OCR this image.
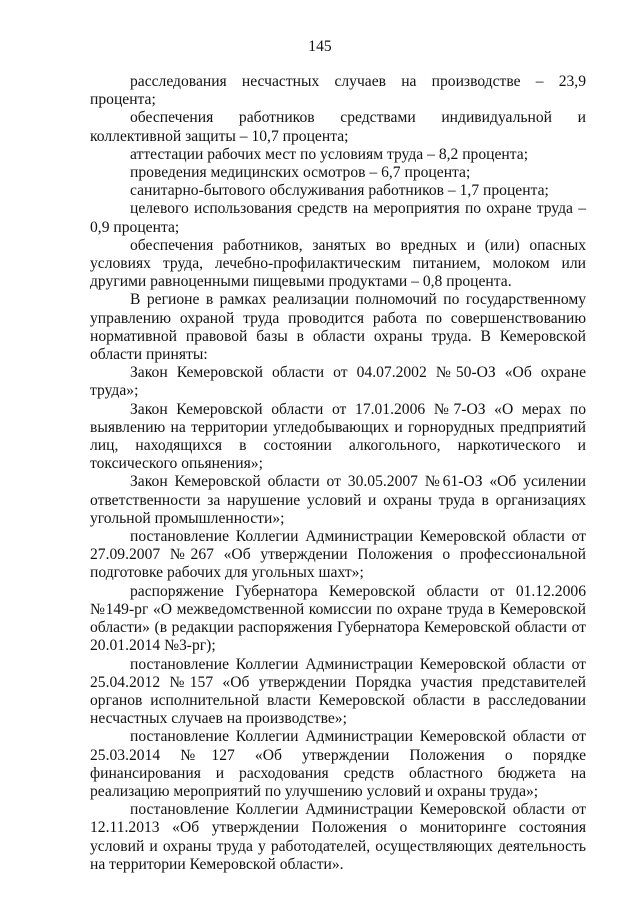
145

расследования несчастных случаев на производстве – 23,9 процента;

обеспечения работников средствами индивидуальной и коллективной защиты – 10,7 процента;

аттестации рабочих мест по условиям труда – 8,2 процента;

проведения медицинских осмотров – 6,7 процента;

санитарно-бытового обслуживания работников – 1,7 процента;

целевого использования средств на мероприятия по охране труда – 0,9 процента;

обеспечения работников, занятых во вредных и (или) опасных условиях труда, лечебно-профилактическим питанием, молоком или другими равноценными пищевыми продуктами – 0,8 процента.

В регионе в рамках реализации полномочий по государственному управлению охраной труда проводится работа по совершенствованию нормативной правовой базы в области охраны труда. В Кемеровской области приняты:

Закон Кемеровской области от 04.07.2002 №50-ОЗ «Об охране труда»;

Закон Кемеровской области от 17.01.2006 №7-ОЗ «О мерах по выявлению на территории угледобывающих и горнорудных предприятий лиц, находящихся в состоянии алкогольного, наркотического и токсического опьянения»;

Закон Кемеровской области от 30.05.2007 №61-ОЗ «Об усилении ответственности за нарушение условий и охраны труда в организациях угольной промышленности»;

постановление Коллегии Администрации Кемеровской области от 27.09.2007 №267 «Об утверждении Положения о профессиональной подготовке рабочих для угольных шахт»;

распоряжение Губернатора Кемеровской области от 01.12.2006 №149-рг «О межведомственной комиссии по охране труда в Кемеровской области» (в редакции распоряжения Губернатора Кемеровской области от 20.01.2014 №3-рг);

постановление Коллегии Администрации Кемеровской области от 25.04.2012 №157 «Об утверждении Порядка участия представителей органов исполнительной власти Кемеровской области в расследовании несчастных случаев на производстве»;

постановление Коллегии Администрации Кемеровской области от 25.03.2014 №127 «Об утверждении Положения о порядке финансирования и расходования средств областного бюджета на реализацию мероприятий по улучшению условий и охраны труда»;

постановление Коллегии Администрации Кемеровской области от 12.11.2013 «Об утверждении Положения о мониторинге состояния условий и охраны труда у работодателей, осуществляющих деятельность на территории Кемеровской области».
